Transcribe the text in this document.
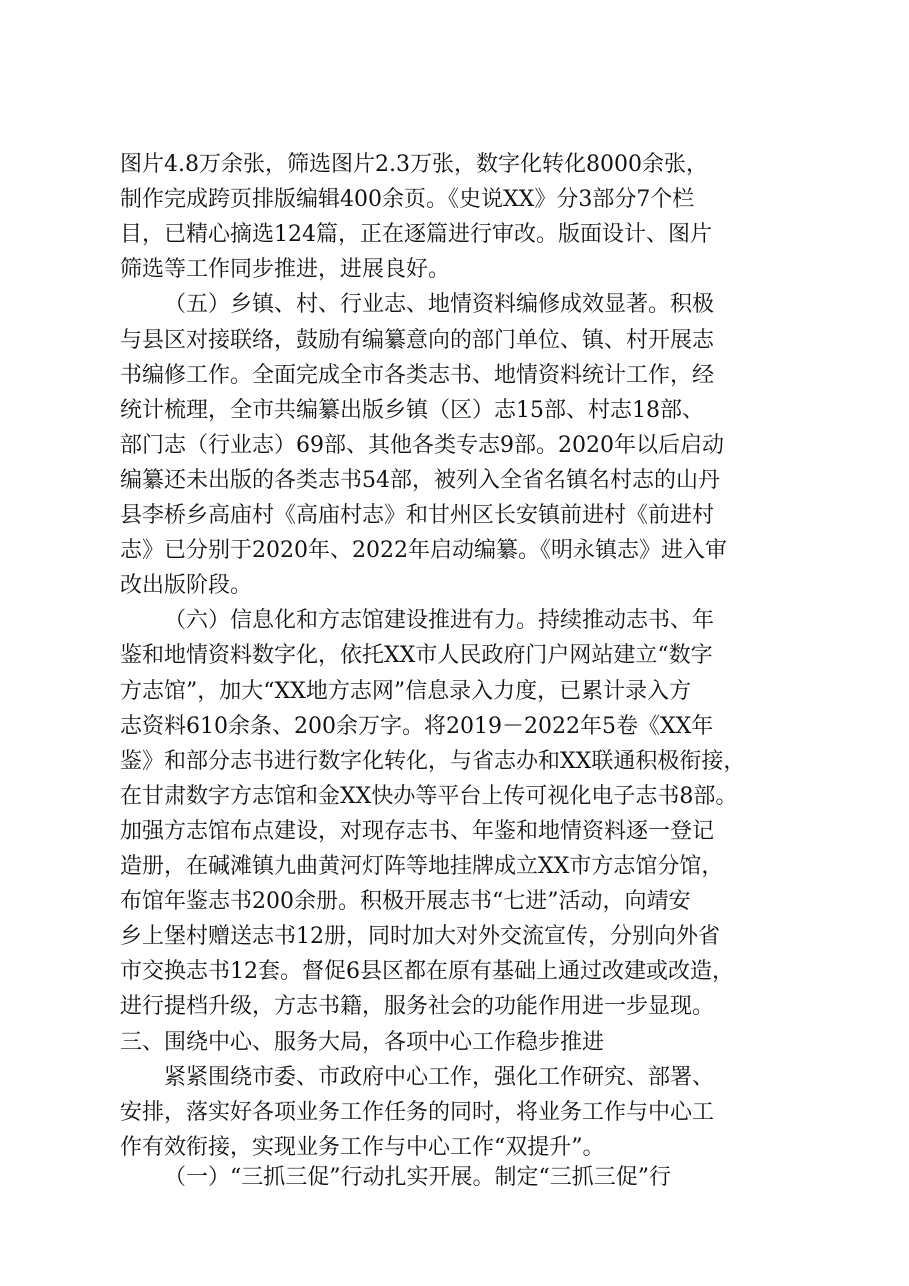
图片4.8万余张，筛选图片2.3万张，数字化转化8000余张，
制作完成跨页排版编辑400余页。《史说XX》分3部分7个栏
目，已精心摘选124篇，正在逐篇进行审改。版面设计、图片
筛选等工作同步推进，进展良好。
（五）乡镇、村、行业志、地情资料编修成效显著。积极
与县区对接联络，鼓励有编纂意向的部门单位、镇、村开展志
书编修工作。全面完成全市各类志书、地情资料统计工作，经
统计梳理，全市共编纂出版乡镇（区）志15部、村志18部、
部门志（行业志）69部、其他各类专志9部。2020年以后启动
编纂还未出版的各类志书54部，被列入全省名镇名村志的山丹
县李桥乡高庙村《高庙村志》和甘州区长安镇前进村《前进村
志》已分别于2020年、2022年启动编纂。《明永镇志》进入审
改出版阶段。
（六）信息化和方志馆建设推进有力。持续推动志书、年
鉴和地情资料数字化，依托XX市人民政府门户网站建立“数字
方志馆”，加大“XX地方志网”信息录入力度，已累计录入方
志资料610余条、200余万字。将2019－2022年5卷《XX年
鉴》和部分志书进行数字化转化，与省志办和XX联通积极衔接，
在甘肃数字方志馆和金XX快办等平台上传可视化电子志书8部。
加强方志馆布点建设，对现存志书、年鉴和地情资料逐一登记
造册，在碱滩镇九曲黄河灯阵等地挂牌成立XX市方志馆分馆，
布馆年鉴志书200余册。积极开展志书“七进”活动，向靖安
乡上堡村赠送志书12册，同时加大对外交流宣传，分别向外省
市交换志书12套。督促6县区都在原有基础上通过改建或改造，
进行提档升级，方志书籍，服务社会的功能作用进一步显现。
三、围绕中心、服务大局，各项中心工作稳步推进
紧紧围绕市委、市政府中心工作，强化工作研究、部署、
安排，落实好各项业务工作任务的同时，将业务工作与中心工
作有效衔接，实现业务工作与中心工作“双提升”。
（一）“三抓三促”行动扎实开展。制定“三抓三促”行
